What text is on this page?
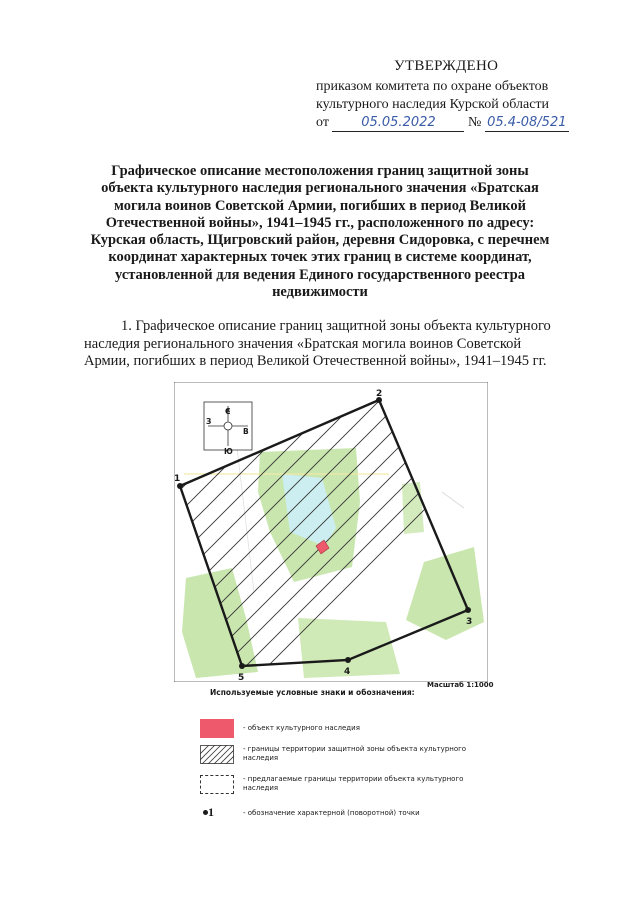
УТВЕРЖДЕНО
приказом комитета по охране объектов
культурного наследия Курской области
от 05.05.2022 № 05.4-08/521
Графическое описание местоположения границ защитной зоны
объекта культурного наследия регионального значения «Братская
могила воинов Советской Армии, погибших в период Великой
Отечественной войны», 1941–1945 гг., расположенного по адресу:
Курская область, Щигровский район, деревня Сидоровка, с перечнем
координат характерных точек этих границ в системе координат,
установленной для ведения Единого государственного реестра
недвижимости
1. Графическое описание границ защитной зоны объекта культурного
наследия регионального значения «Братская могила воинов Советской
Армии, погибших в период Великой Отечественной войны», 1941–1945 гг.
1
2
3
4
5
С
Ю
З
В
Масштаб 1:1000
Используемые условные знаки и обозначения:
- объект культурного наследия
- границы территории защитной зоны объекта культурного наследия
- предлагаемые границы территории объекта культурного наследия
1	- обозначение характерной (поворотной) точки
